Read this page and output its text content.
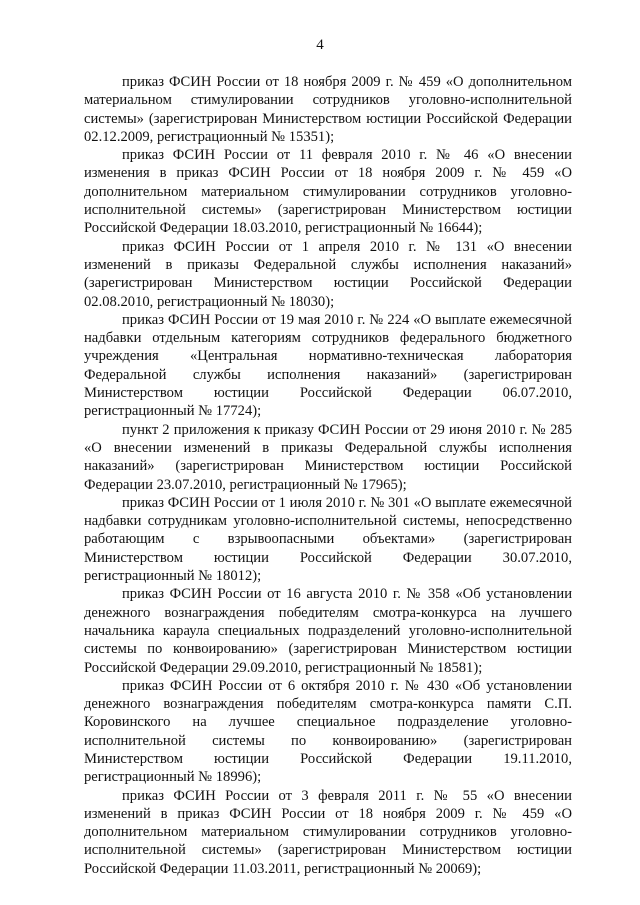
4

приказ ФСИН России от 18 ноября 2009 г. № 459 «О дополнительном материальном стимулировании сотрудников уголовно-исполнительной системы» (зарегистрирован Министерством юстиции Российской Федерации 02.12.2009, регистрационный № 15351);

приказ ФСИН России от 11 февраля 2010 г. № 46 «О внесении изменения в приказ ФСИН России от 18 ноября 2009 г. № 459 «О дополнительном материальном стимулировании сотрудников уголовно-исполнительной системы» (зарегистрирован Министерством юстиции Российской Федерации 18.03.2010, регистрационный № 16644);

приказ ФСИН России от 1 апреля 2010 г. № 131 «О внесении изменений в приказы Федеральной службы исполнения наказаний» (зарегистрирован Министерством юстиции Российской Федерации 02.08.2010, регистрационный № 18030);

приказ ФСИН России от 19 мая 2010 г. № 224 «О выплате ежемесячной надбавки отдельным категориям сотрудников федерального бюджетного учреждения «Центральная нормативно-техническая лаборатория Федеральной службы исполнения наказаний» (зарегистрирован Министерством юстиции Российской Федерации 06.07.2010, регистрационный № 17724);

пункт 2 приложения к приказу ФСИН России от 29 июня 2010 г. № 285 «О внесении изменений в приказы Федеральной службы исполнения наказаний» (зарегистрирован Министерством юстиции Российской Федерации 23.07.2010, регистрационный № 17965);

приказ ФСИН России от 1 июля 2010 г. № 301 «О выплате ежемесячной надбавки сотрудникам уголовно-исполнительной системы, непосредственно работающим с взрывоопасными объектами» (зарегистрирован Министерством юстиции Российской Федерации 30.07.2010, регистрационный № 18012);

приказ ФСИН России от 16 августа 2010 г. № 358 «Об установлении денежного вознаграждения победителям смотра-конкурса на лучшего начальника караула специальных подразделений уголовно-исполнительной системы по конвоированию» (зарегистрирован Министерством юстиции Российской Федерации 29.09.2010, регистрационный № 18581);

приказ ФСИН России от 6 октября 2010 г. № 430 «Об установлении денежного вознаграждения победителям смотра-конкурса памяти С.П. Коровинского на лучшее специальное подразделение уголовно-исполнительной системы по конвоированию» (зарегистрирован Министерством юстиции Российской Федерации 19.11.2010, регистрационный № 18996);

приказ ФСИН России от 3 февраля 2011 г. № 55 «О внесении изменений в приказ ФСИН России от 18 ноября 2009 г. № 459 «О дополнительном материальном стимулировании сотрудников уголовно-исполнительной системы» (зарегистрирован Министерством юстиции Российской Федерации 11.03.2011, регистрационный № 20069);
